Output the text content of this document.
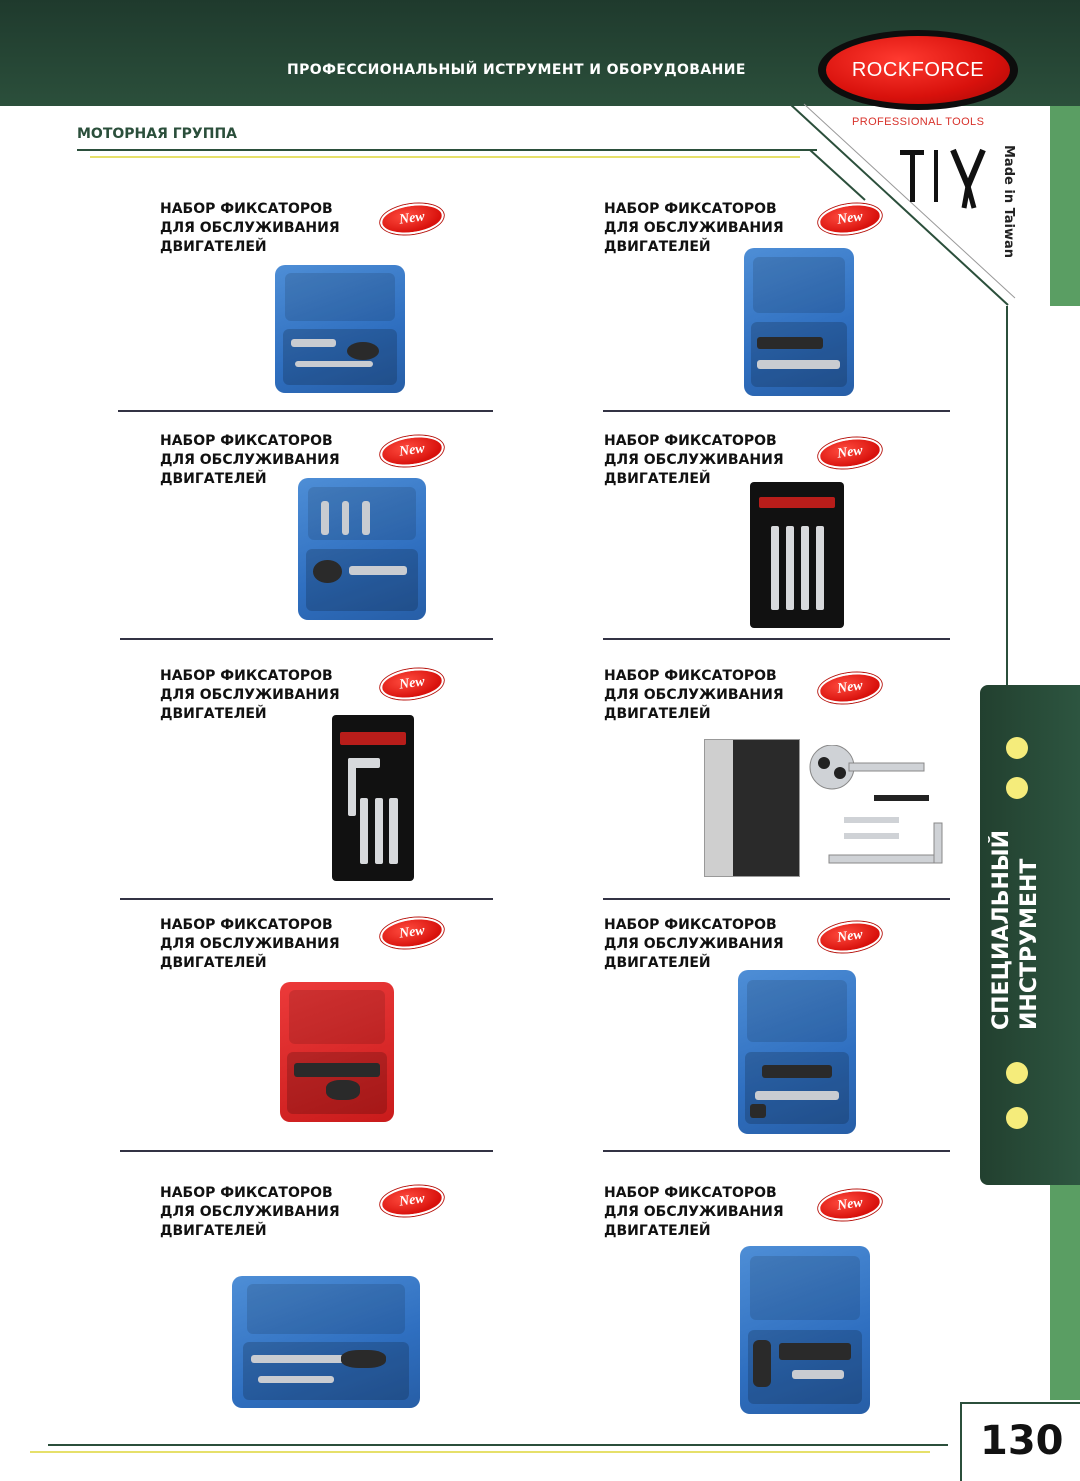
ПРОФЕССИОНАЛЬНЫЙ ИСТРУМЕНТ И ОБОРУДОВАНИЕ	ROCKFORCE
PROFESSIONAL TOOLS
МОТОРНАЯ ГРУППА
Made in Taiwan
СПЕЦИАЛЬНЫЙ ИНСТРУМЕНТ
130
НАБОР ФИКСАТОРОВ ДЛЯ ОБСЛУЖИВАНИЯ ДВИГАТЕЛЕЙ
New
НАБОР ФИКСАТОРОВ ДЛЯ ОБСЛУЖИВАНИЯ ДВИГАТЕЛЕЙ
New
НАБОР ФИКСАТОРОВ ДЛЯ ОБСЛУЖИВАНИЯ ДВИГАТЕЛЕЙ
New
НАБОР ФИКСАТОРОВ ДЛЯ ОБСЛУЖИВАНИЯ ДВИГАТЕЛЕЙ
New
НАБОР ФИКСАТОРОВ ДЛЯ ОБСЛУЖИВАНИЯ ДВИГАТЕЛЕЙ
New	НАБОР ФИКСАТОРОВ ДЛЯ ОБСЛУЖИВАНИЯ ДВИГАТЕЛЕЙ
New
НАБОР ФИКСАТОРОВ ДЛЯ ОБСЛУЖИВАНИЯ ДВИГАТЕЛЕЙ
New	НАБОР ФИКСАТОРОВ ДЛЯ ОБСЛУЖИВАНИЯ ДВИГАТЕЛЕЙ
New
НАБОР ФИКСАТОРОВ ДЛЯ ОБСЛУЖИВАНИЯ ДВИГАТЕЛЕЙ
New	НАБОР ФИКСАТОРОВ ДЛЯ ОБСЛУЖИВАНИЯ ДВИГАТЕЛЕЙ
New
